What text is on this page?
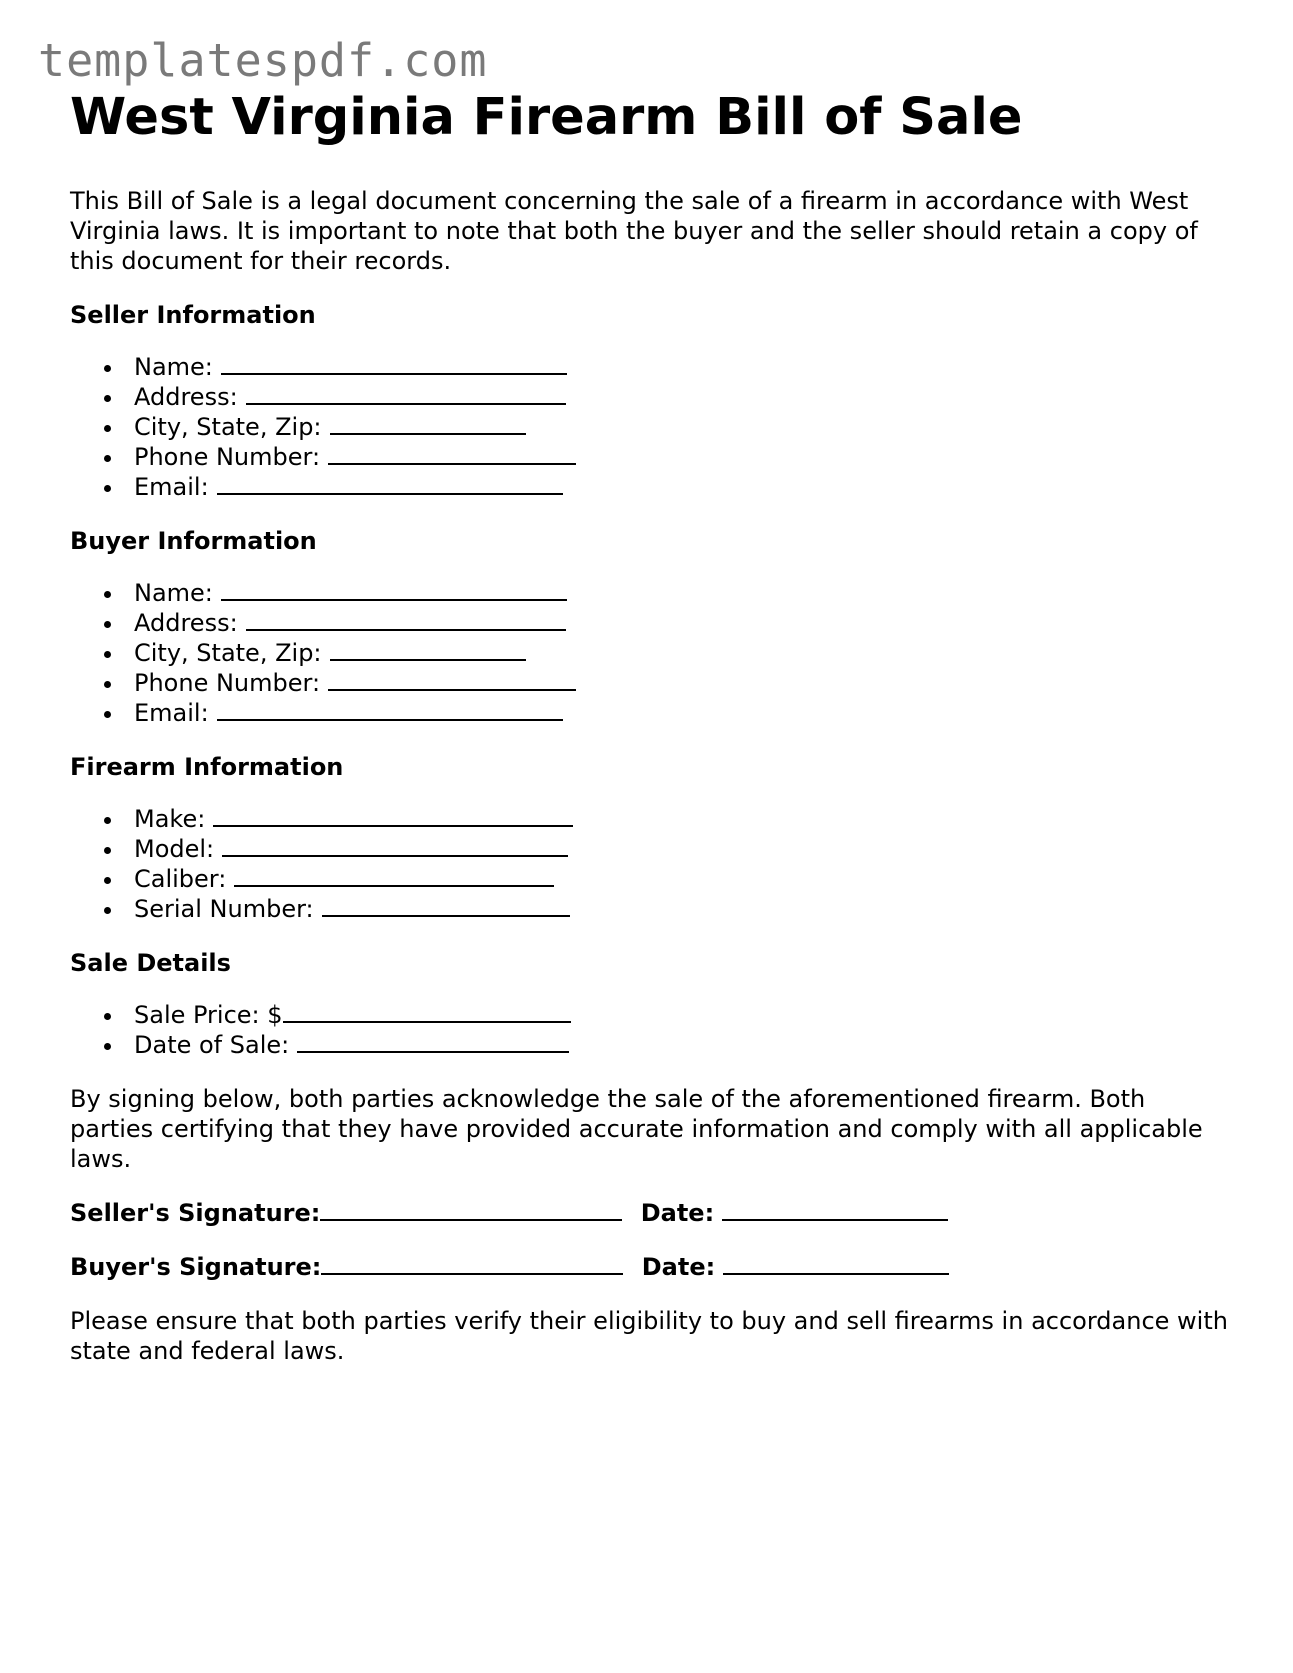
templatespdf.com
West Virginia Firearm Bill of Sale

This Bill of Sale is a legal document concerning the sale of a firearm in accordance with West Virginia laws. It is important to note that both the buyer and the seller should retain a copy of this document for their records.

Seller Information
Name:
Address:
City, State, Zip:
Phone Number:
Email:
Buyer Information
Name:
Address:
City, State, Zip:
Phone Number:
Email:
Firearm Information
Make:
Model:
Caliber:
Serial Number:
Sale Details
Sale Price: $
Date of Sale:

By signing below, both parties acknowledge the sale of the aforementioned firearm. Both parties certifying that they have provided accurate information and comply with all applicable laws.

Seller's Signature:	Date:
Buyer's Signature:	Date:

Please ensure that both parties verify their eligibility to buy and sell firearms in accordance with state and federal laws.
